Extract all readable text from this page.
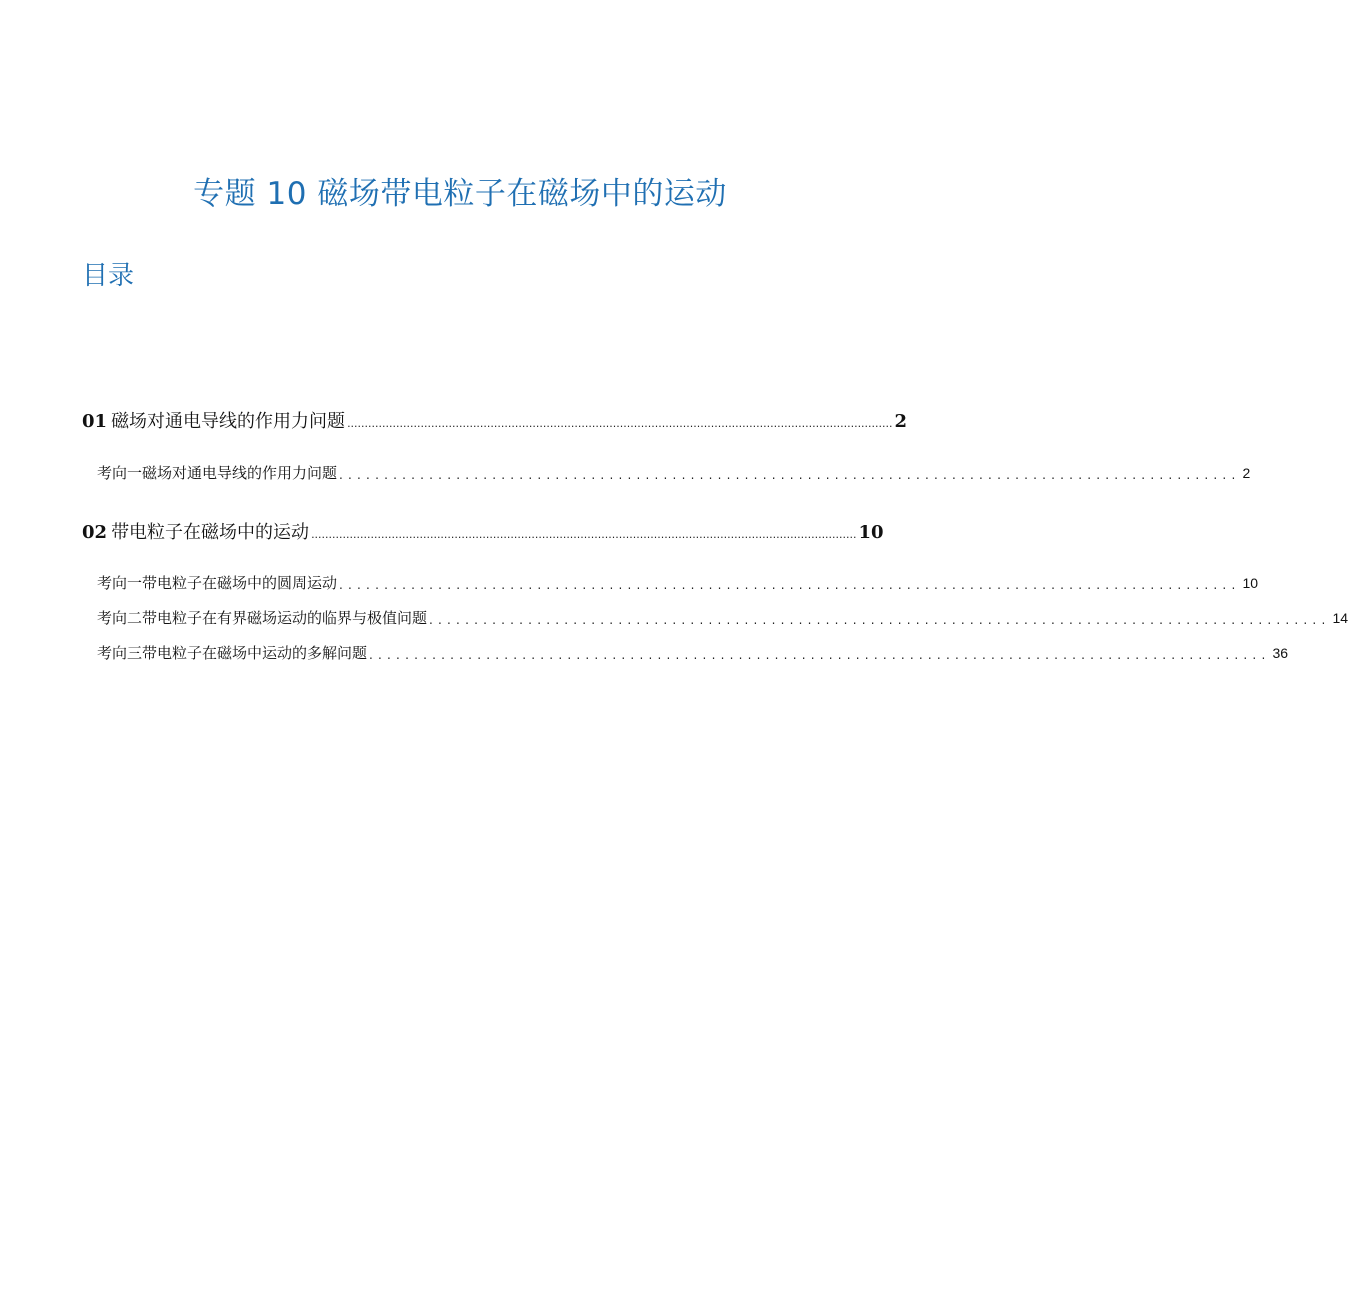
专题 10 磁场带电粒子在磁场中的运动
目录
01 磁场对通电导线的作用力问题 ............................................................................................................................................................ 2
考向一磁场对通电导线的作用力问题 .................................................................................................... 2
02 带电粒子在磁场中的运动 ............................................................................................................................................................ 10
考向一带电粒子在磁场中的圆周运动 .................................................................................................... 10
考向二带电粒子在有界磁场运动的临界与极值问题 .................................................................................................... 14
考向三带电粒子在磁场中运动的多解问题 .................................................................................................... 36
